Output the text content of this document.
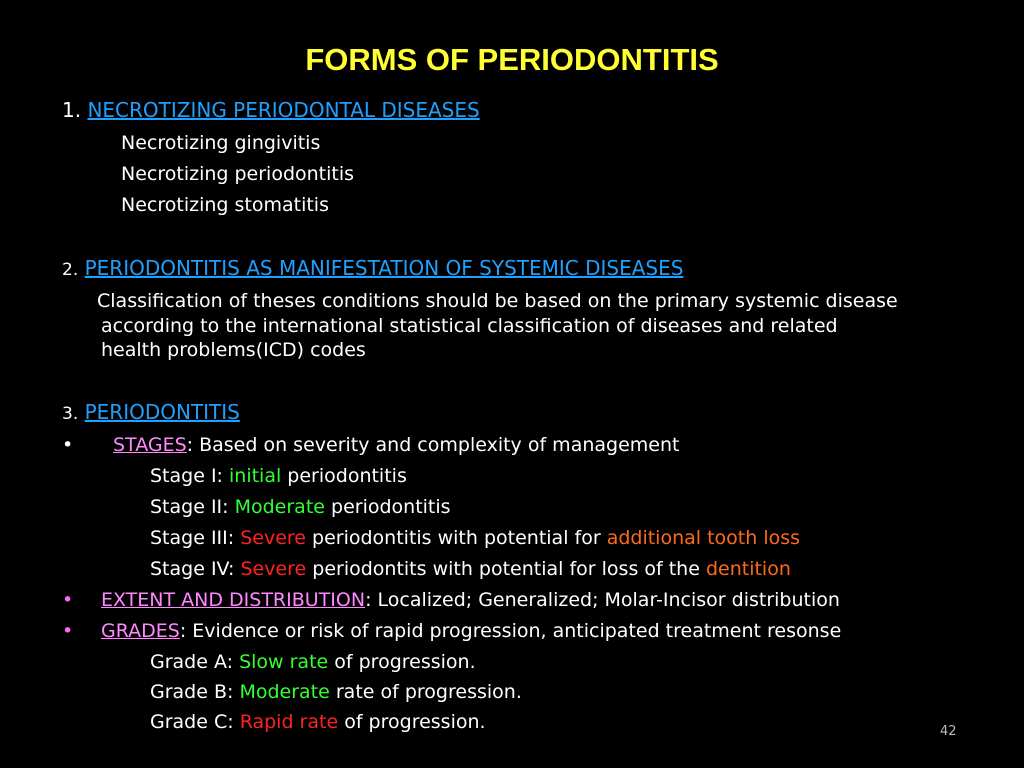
FORMS OF PERIODONTITIS
1. NECROTIZING PERIODONTAL DISEASES
Necrotizing gingivitis
Necrotizing periodontitis
Necrotizing stomatitis
2. PERIODONTITIS AS MANIFESTATION OF SYSTEMIC DISEASES
Classification of theses conditions should be based on the primary systemic disease
according to the international statistical classification of diseases and related
health problems(ICD) codes
3. PERIODONTITIS
• STAGES: Based on severity and complexity of management
Stage I: initial periodontitis
Stage II: Moderate periodontitis
Stage III: Severe periodontitis with potential for additional tooth loss
Stage IV: Severe periodontits with potential for loss of the dentition
• EXTENT AND DISTRIBUTION: Localized; Generalized; Molar-Incisor distribution
• GRADES: Evidence or risk of rapid progression, anticipated treatment resonse
Grade A: Slow rate of progression.
Grade B: Moderate rate of progression.
Grade C: Rapid rate of progression.	42
